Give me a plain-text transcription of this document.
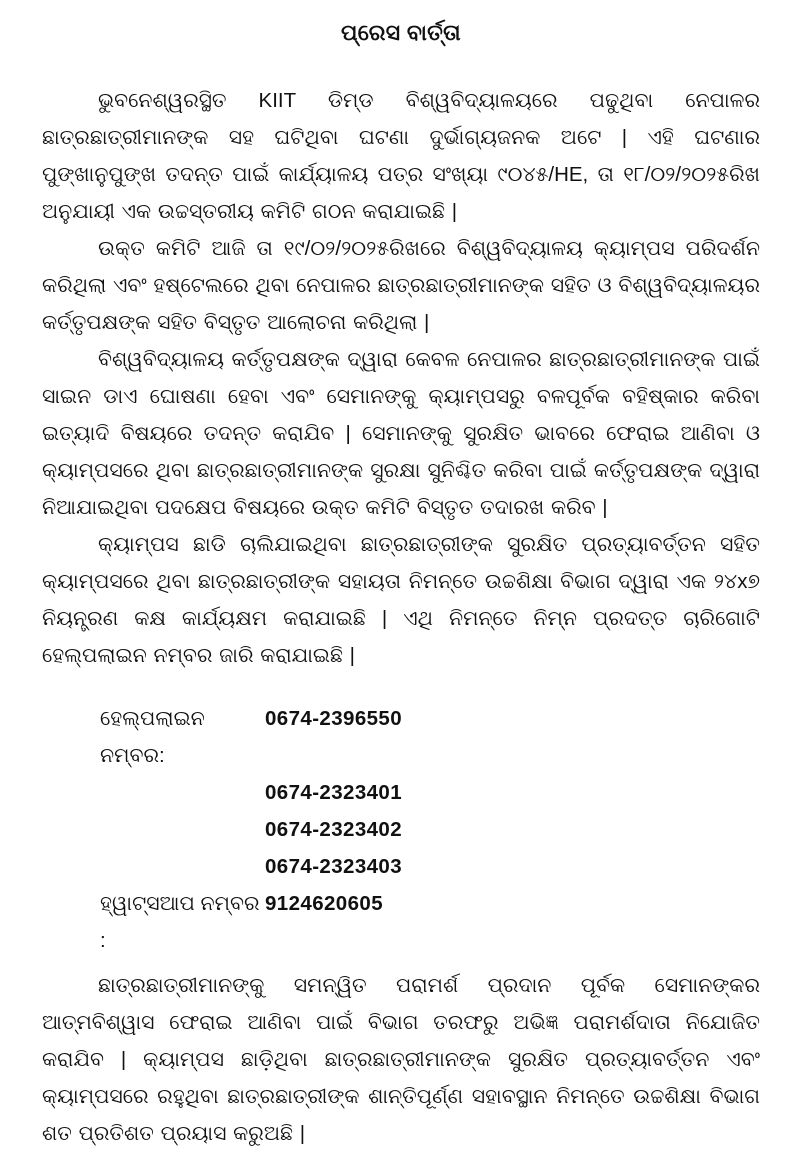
ପ୍ରେସ ବାର୍ତ୍ତା

ଭୁବନେଶ୍ୱରସ୍ଥିତ KIIT ଡିମ୍ଡ ବିଶ୍ୱବିଦ୍ୟାଳୟରେ ପଢୁଥିବା ନେପାଳର ଛାତ୍ରଛାତ୍ରୀମାନଙ୍କ ସହ ଘଟିଥିବା ଘଟଣା ଦୁର୍ଭାଗ୍ୟଜନକ ଅଟେ | ଏହି ଘଟଣାର ପୁଙ୍ଖାନୁପୁଙ୍ଖ ତଦନ୍ତ ପାଇଁ କାର୍ଯ୍ୟାଳୟ ପତ୍ର ସଂଖ୍ୟା ୯୦୪୫/HE, ତା ୧୮/୦୨/୨୦୨୫ରିଖ ଅନୁଯାୟୀ ଏକ ଉଚ୍ଚସ୍ତରୀୟ କମିଟି ଗଠନ କରାଯାଇଛି |

ଉକ୍ତ କମିଟି ଆଜି ତା ୧୯/୦୨/୨୦୨୫ରିଖରେ ବିଶ୍ୱବିଦ୍ୟାଳୟ କ୍ୟାମ୍ପସ ପରିଦର୍ଶନ କରିଥିଲା ଏବଂ ହଷ୍ଟେଲରେ ଥିବା ନେପାଳର ଛାତ୍ରଛାତ୍ରୀମାନଙ୍କ ସହିତ ଓ ବିଶ୍ୱବିଦ୍ୟାଳୟର କର୍ତ୍ତୃପକ୍ଷଙ୍କ ସହିତ ବିସ୍ତୃତ ଆଲୋଚନା କରିଥିଲା |

ବିଶ୍ୱବିଦ୍ୟାଳୟ କର୍ତ୍ତୃପକ୍ଷଙ୍କ ଦ୍ୱାରା କେବଳ ନେପାଳର ଛାତ୍ରଛାତ୍ରୀମାନଙ୍କ ପାଇଁ ସାଇନ ଡାଏ ଘୋଷଣା ହେବା ଏବଂ ସେମାନଙ୍କୁ କ୍ୟାମ୍ପସରୁ ବଳପୂର୍ବକ ବହିଷ୍କାର କରିବା ଇତ୍ୟାଦି ବିଷୟରେ ତଦନ୍ତ କରାଯିବ | ସେମାନଙ୍କୁ ସୁରକ୍ଷିତ ଭାବରେ ଫେରାଇ ଆଣିବା ଓ କ୍ୟାମ୍ପସରେ ଥିବା ଛାତ୍ରଛାତ୍ରୀମାନଙ୍କ ସୁରକ୍ଷା ସୁନିଶ୍ଚିତ କରିବା ପାଇଁ କର୍ତ୍ତୃପକ୍ଷଙ୍କ ଦ୍ୱାରା ନିଆଯାଇଥିବା ପଦକ୍ଷେପ ବିଷୟରେ ଉକ୍ତ କମିଟି ବିସ୍ତୃତ ତଦାରଖ କରିବ |

କ୍ୟାମ୍ପସ ଛାଡି ଚାଲିଯାଇଥିବା ଛାତ୍ରଛାତ୍ରୀଙ୍କ ସୁରକ୍ଷିତ ପ୍ରତ୍ୟାବର୍ତ୍ତନ ସହିତ କ୍ୟାମ୍ପସରେ ଥିବା ଛାତ୍ରଛାତ୍ରୀଙ୍କ ସହାୟତା ନିମନ୍ତେ ଉଚ୍ଚଶିକ୍ଷା ବିଭାଗ ଦ୍ୱାରା ଏକ ୨୪x୭ ନିୟନ୍ତ୍ରଣ କକ୍ଷ କାର୍ଯ୍ୟକ୍ଷମ କରାଯାଇଛି | ଏଥି ନିମନ୍ତେ ନିମ୍ନ ପ୍ରଦତ୍ତ ଚାରିଗୋଟି ହେଲ୍ପଲାଇନ ନମ୍ବର ଜାରି କରାଯାଇଛି |

ହେଲ୍ପଲାଇନ ନମ୍ବର:
0674-2396550
0674-2323401
0674-2323402
0674-2323403
ହ୍ୱାଟ୍ସଆପ ନମ୍ବର :
9124620605

ଛାତ୍ରଛାତ୍ରୀମାନଙ୍କୁ ସମନ୍ୱିତ ପରାମର୍ଶ ପ୍ରଦାନ ପୂର୍ବକ ସେମାନଙ୍କର ଆତ୍ମବିଶ୍ୱାସ ଫେରାଇ ଆଣିବା ପାଇଁ ବିଭାଗ ତରଫରୁ ଅଭିଜ୍ଞ ପରାମର୍ଶଦାତା ନିଯୋଜିତ କରାଯିବ | କ୍ୟାମ୍ପସ ଛାଡ଼ିଥିବା ଛାତ୍ରଛାତ୍ରୀମାନଙ୍କ ସୁରକ୍ଷିତ ପ୍ରତ୍ୟାବର୍ତ୍ତନ ଏବଂ କ୍ୟାମ୍ପସରେ ରହୁଥିବା ଛାତ୍ରଛାତ୍ରୀଙ୍କ ଶାନ୍ତିପୂର୍ଣ୍ଣ ସହାବସ୍ଥାନ ନିମନ୍ତେ ଉଚ୍ଚଶିକ୍ଷା ବିଭାଗ ଶତ ପ୍ରତିଶତ ପ୍ରୟାସ କରୁଅଛି |
